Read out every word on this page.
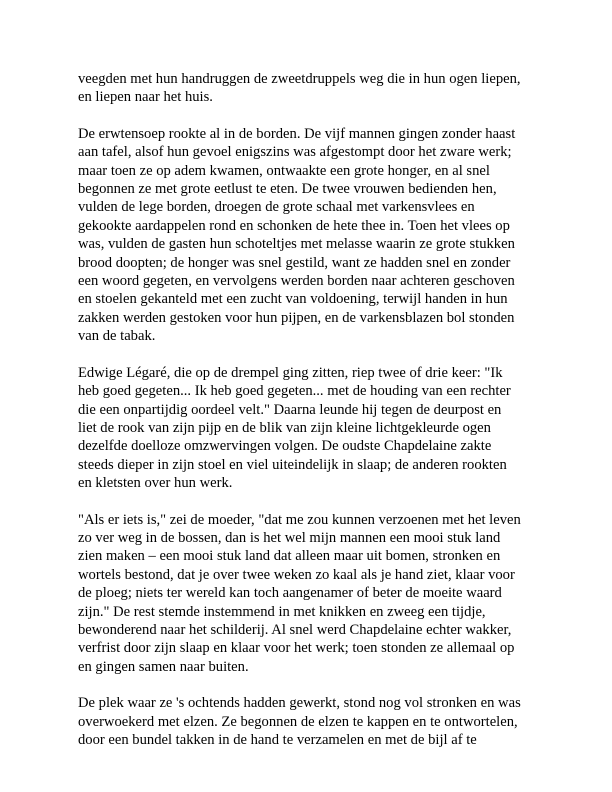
veegden met hun handruggen de zweetdruppels weg die in hun ogen liepen,
en liepen naar het huis.

De erwtensoep rookte al in de borden. De vijf mannen gingen zonder haast
aan tafel, alsof hun gevoel enigszins was afgestompt door het zware werk;
maar toen ze op adem kwamen, ontwaakte een grote honger, en al snel
begonnen ze met grote eetlust te eten. De twee vrouwen bedienden hen,
vulden de lege borden, droegen de grote schaal met varkensvlees en
gekookte aardappelen rond en schonken de hete thee in. Toen het vlees op
was, vulden de gasten hun schoteltjes met melasse waarin ze grote stukken
brood doopten; de honger was snel gestild, want ze hadden snel en zonder
een woord gegeten, en vervolgens werden borden naar achteren geschoven
en stoelen gekanteld met een zucht van voldoening, terwijl handen in hun
zakken werden gestoken voor hun pijpen, en de varkensblazen bol stonden
van de tabak.

Edwige Légaré, die op de drempel ging zitten, riep twee of drie keer: "Ik
heb goed gegeten... Ik heb goed gegeten... met de houding van een rechter
die een onpartijdig oordeel velt." Daarna leunde hij tegen de deurpost en
liet de rook van zijn pijp en de blik van zijn kleine lichtgekleurde ogen
dezelfde doelloze omzwervingen volgen. De oudste Chapdelaine zakte
steeds dieper in zijn stoel en viel uiteindelijk in slaap; de anderen rookten
en kletsten over hun werk.

"Als er iets is," zei de moeder, "dat me zou kunnen verzoenen met het leven
zo ver weg in de bossen, dan is het wel mijn mannen een mooi stuk land
zien maken – een mooi stuk land dat alleen maar uit bomen, stronken en
wortels bestond, dat je over twee weken zo kaal als je hand ziet, klaar voor
de ploeg; niets ter wereld kan toch aangenamer of beter de moeite waard
zijn." De rest stemde instemmend in met knikken en zweeg een tijdje,
bewonderend naar het schilderij. Al snel werd Chapdelaine echter wakker,
verfrist door zijn slaap en klaar voor het werk; toen stonden ze allemaal op
en gingen samen naar buiten.

De plek waar ze 's ochtends hadden gewerkt, stond nog vol stronken en was
overwoekerd met elzen. Ze begonnen de elzen te kappen en te ontwortelen,
door een bundel takken in de hand te verzamelen en met de bijl af te
